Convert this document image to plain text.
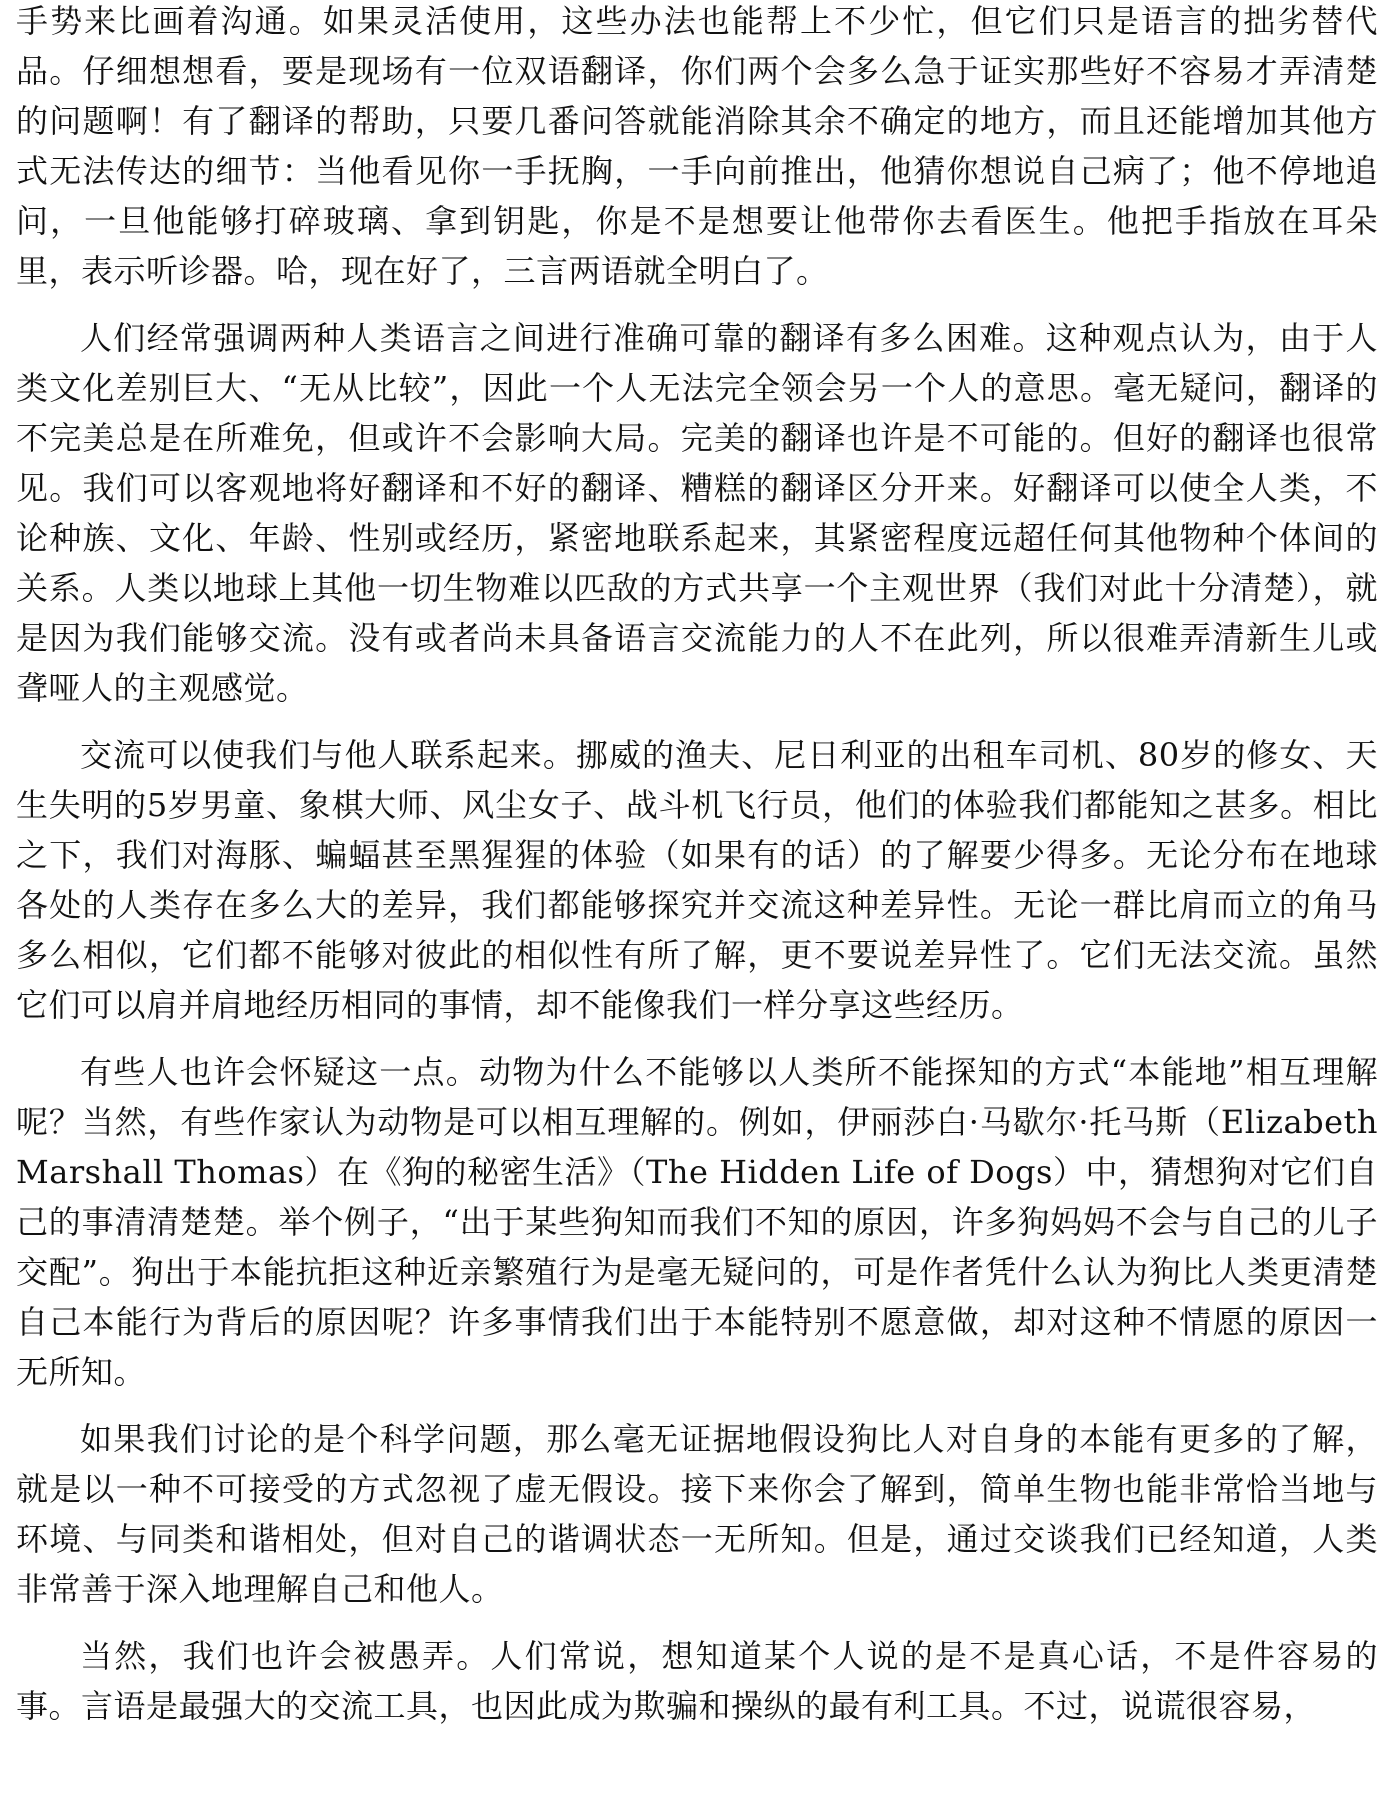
手势来比画着沟通。如果灵活使用，这些办法也能帮上不少忙，但它们只是语言的拙劣替代品。仔细想想看，要是现场有一位双语翻译，你们两个会多么急于证实那些好不容易才弄清楚的问题啊！有了翻译的帮助，只要几番问答就能消除其余不确定的地方，而且还能增加其他方式无法传达的细节：当他看见你一手抚胸，一手向前推出，他猜你想说自己病了；他不停地追问，一旦他能够打碎玻璃、拿到钥匙，你是不是想要让他带你去看医生。他把手指放在耳朵里，表示听诊器。哈，现在好了，三言两语就全明白了。

人们经常强调两种人类语言之间进行准确可靠的翻译有多么困难。这种观点认为，由于人类文化差别巨大、“无从比较”，因此一个人无法完全领会另一个人的意思。毫无疑问，翻译的不完美总是在所难免，但或许不会影响大局。完美的翻译也许是不可能的。但好的翻译也很常见。我们可以客观地将好翻译和不好的翻译、糟糕的翻译区分开来。好翻译可以使全人类，不论种族、文化、年龄、性别或经历，紧密地联系起来，其紧密程度远超任何其他物种个体间的关系。人类以地球上其他一切生物难以匹敌的方式共享一个主观世界（我们对此十分清楚），就是因为我们能够交流。没有或者尚未具备语言交流能力的人不在此列，所以很难弄清新生儿或聋哑人的主观感觉。

交流可以使我们与他人联系起来。挪威的渔夫、尼日利亚的出租车司机、80岁的修女、天生失明的5岁男童、象棋大师、风尘女子、战斗机飞行员，他们的体验我们都能知之甚多。相比之下，我们对海豚、蝙蝠甚至黑猩猩的体验（如果有的话）的了解要少得多。无论分布在地球各处的人类存在多么大的差异，我们都能够探究并交流这种差异性。无论一群比肩而立的角马多么相似，它们都不能够对彼此的相似性有所了解，更不要说差异性了。它们无法交流。虽然它们可以肩并肩地经历相同的事情，却不能像我们一样分享这些经历。

有些人也许会怀疑这一点。动物为什么不能够以人类所不能探知的方式“本能地”相互理解呢？当然，有些作家认为动物是可以相互理解的。例如，伊丽莎白·马歇尔·托马斯（Elizabeth Marshall Thomas）在《狗的秘密生活》（The Hidden Life of Dogs）中，猜想狗对它们自己的事清清楚楚。举个例子，“出于某些狗知而我们不知的原因，许多狗妈妈不会与自己的儿子交配”。狗出于本能抗拒这种近亲繁殖行为是毫无疑问的，可是作者凭什么认为狗比人类更清楚自己本能行为背后的原因呢？许多事情我们出于本能特别不愿意做，却对这种不情愿的原因一无所知。

如果我们讨论的是个科学问题，那么毫无证据地假设狗比人对自身的本能有更多的了解，就是以一种不可接受的方式忽视了虚无假设。接下来你会了解到，简单生物也能非常恰当地与环境、与同类和谐相处，但对自己的谐调状态一无所知。但是，通过交谈我们已经知道，人类非常善于深入地理解自己和他人。

当然，我们也许会被愚弄。人们常说，想知道某个人说的是不是真心话，不是件容易的事。言语是最强大的交流工具，也因此成为欺骗和操纵的最有利工具。不过，说谎很容易，
